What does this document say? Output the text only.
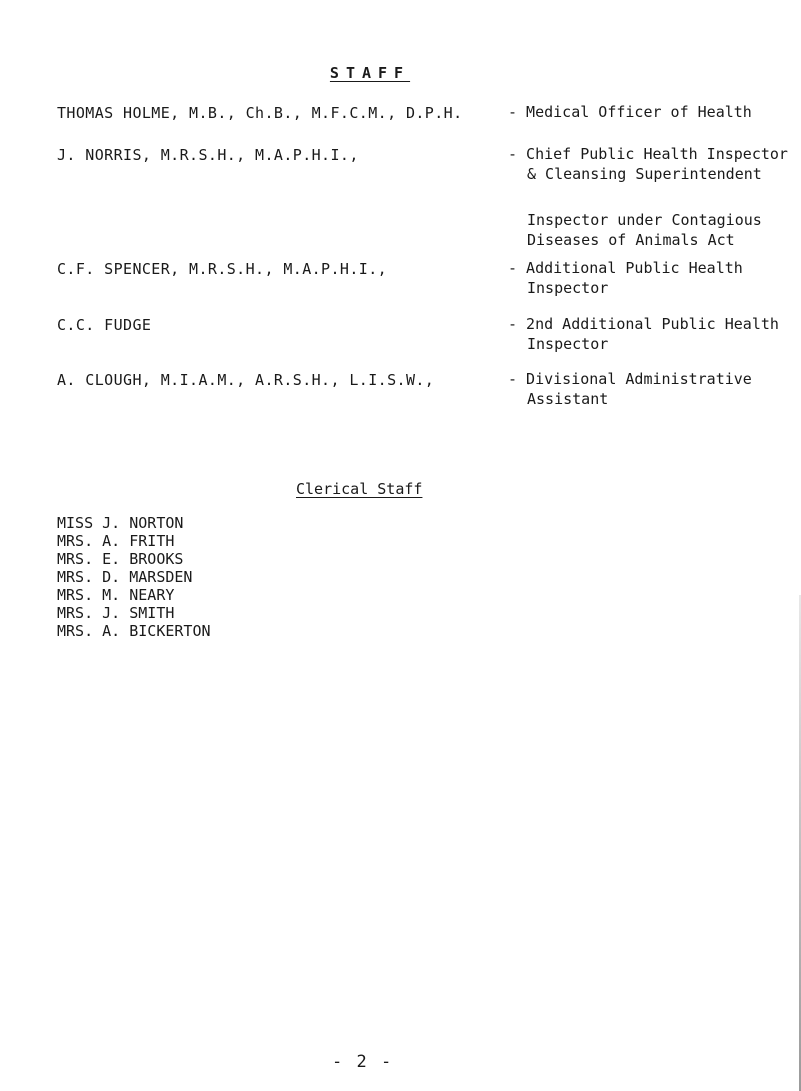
STAFF
THOMAS HOLME, M.B., Ch.B., M.F.C.M., D.P.H.	- Medical Officer of Health
J. NORRIS, M.R.S.H., M.A.P.H.I.,	- Chief Public Health Inspector
& Cleansing Superintendent
Inspector under Contagious
Diseases of Animals Act
C.F. SPENCER, M.R.S.H., M.A.P.H.I.,	- Additional Public Health
Inspector
C.C. FUDGE	- 2nd Additional Public Health
Inspector
A. CLOUGH, M.I.A.M., A.R.S.H., L.I.S.W.,	- Divisional Administrative
Assistant
Clerical Staff
MISS J. NORTON
MRS. A. FRITH
MRS. E. BROOKS
MRS. D. MARSDEN
MRS. M. NEARY
MRS. J. SMITH
MRS. A. BICKERTON
- 2 -
